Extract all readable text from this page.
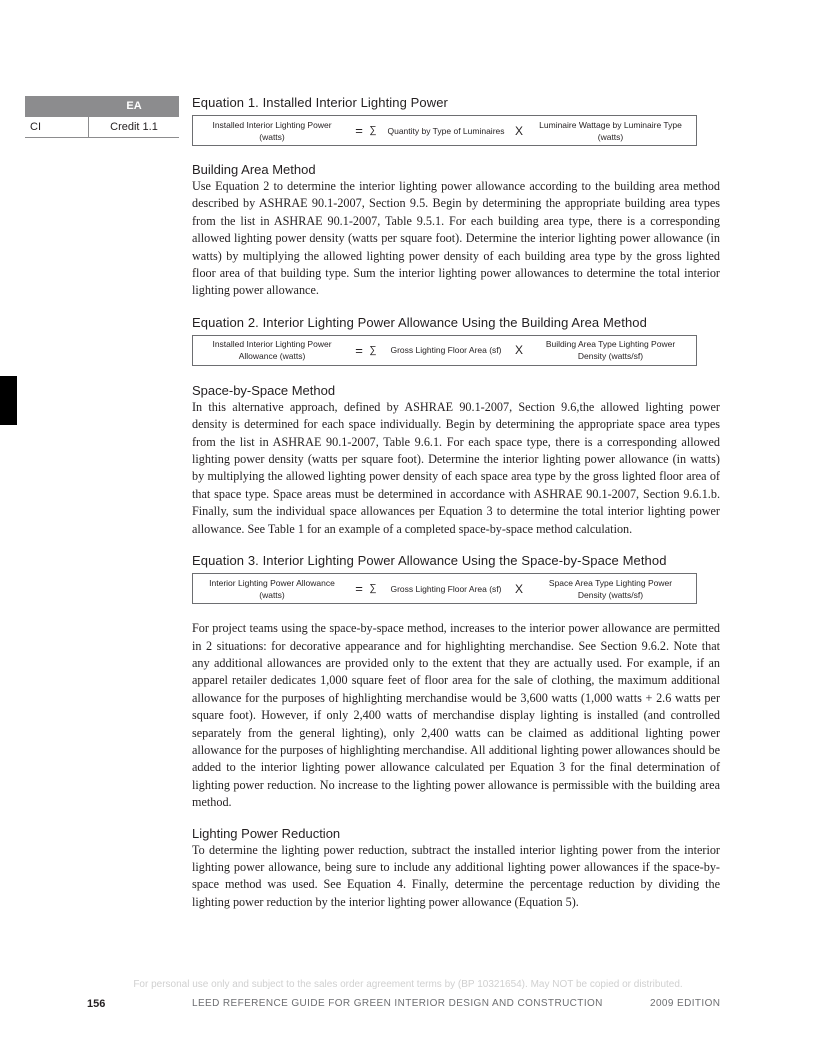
EA
CI	Credit 1.1
Equation 1. Installed Interior Lighting Power
Installed Interior Lighting Power
(watts)	= ∑	Quantity by Type of Luminaires X	Luminaire Wattage by Luminaire Type
(watts)
Building Area Method

Use Equation 2 to determine the interior lighting power allowance according to the building area method described by ASHRAE 90.1-2007, Section 9.5. Begin by determining the appropriate building area types from the list in ASHRAE 90.1-2007, Table 9.5.1. For each building area type, there is a corresponding allowed lighting power density (watts per square foot). Determine the interior lighting power allowance (in watts) by multiplying the allowed lighting power density of each building area type by the gross lighted floor area of that building type. Sum the interior lighting power allowances to determine the total interior lighting power allowance.

Equation 2. Interior Lighting Power Allowance Using the Building Area Method
Installed Interior Lighting Power
Allowance (watts)	= ∑	Gross Lighting Floor Area (sf)	X	Building Area Type Lighting Power
Density (watts/sf)
Space-by-Space Method

In this alternative approach, defined by ASHRAE 90.1-2007, Section 9.6,the allowed lighting power density is determined for each space individually. Begin by determining the appropriate space area types from the list in ASHRAE 90.1-2007, Table 9.6.1. For each space type, there is a corresponding allowed lighting power density (watts per square foot). Determine the interior lighting power allowance (in watts) by multiplying the allowed lighting power density of each space area type by the gross lighted floor area of that space type. Space areas must be determined in accordance with ASHRAE 90.1-2007, Section 9.6.1.b. Finally, sum the individual space allowances per Equation 3 to determine the total interior lighting power allowance. See Table 1 for an example of a completed space-by-space method calculation.

Equation 3. Interior Lighting Power Allowance Using the Space-by-Space Method
Interior Lighting Power Allowance
(watts)	= ∑	Gross Lighting Floor Area (sf)	X	Space Area Type Lighting Power
Density (watts/sf)

For project teams using the space-by-space method, increases to the interior power allowance are permitted in 2 situations: for decorative appearance and for highlighting merchandise. See Section 9.6.2. Note that any additional allowances are provided only to the extent that they are actually used. For example, if an apparel retailer dedicates 1,000 square feet of floor area for the sale of clothing, the maximum additional allowance for the purposes of highlighting merchandise would be 3,600 watts (1,000 watts + 2.6 watts per square foot). However, if only 2,400 watts of merchandise display lighting is installed (and controlled separately from the general lighting), only 2,400 watts can be claimed as additional lighting power allowance for the purposes of highlighting merchandise. All additional lighting power allowances should be added to the interior lighting power allowance calculated per Equation 3 for the final determination of lighting power reduction. No increase to the lighting power allowance is permissible with the building area method.

Lighting Power Reduction

To determine the lighting power reduction, subtract the installed interior lighting power from the interior lighting power allowance, being sure to include any additional lighting power allowances if the space-by-space method was used. See Equation 4. Finally, determine the percentage reduction by dividing the lighting power reduction by the interior lighting power allowance (Equation 5).

For personal use only and subject to the sales order agreement terms by (BP 10321654). May NOT be copied or distributed.
156	LEED REFERENCE GUIDE FOR GREEN INTERIOR DESIGN AND CONSTRUCTION	2009 EDITION
